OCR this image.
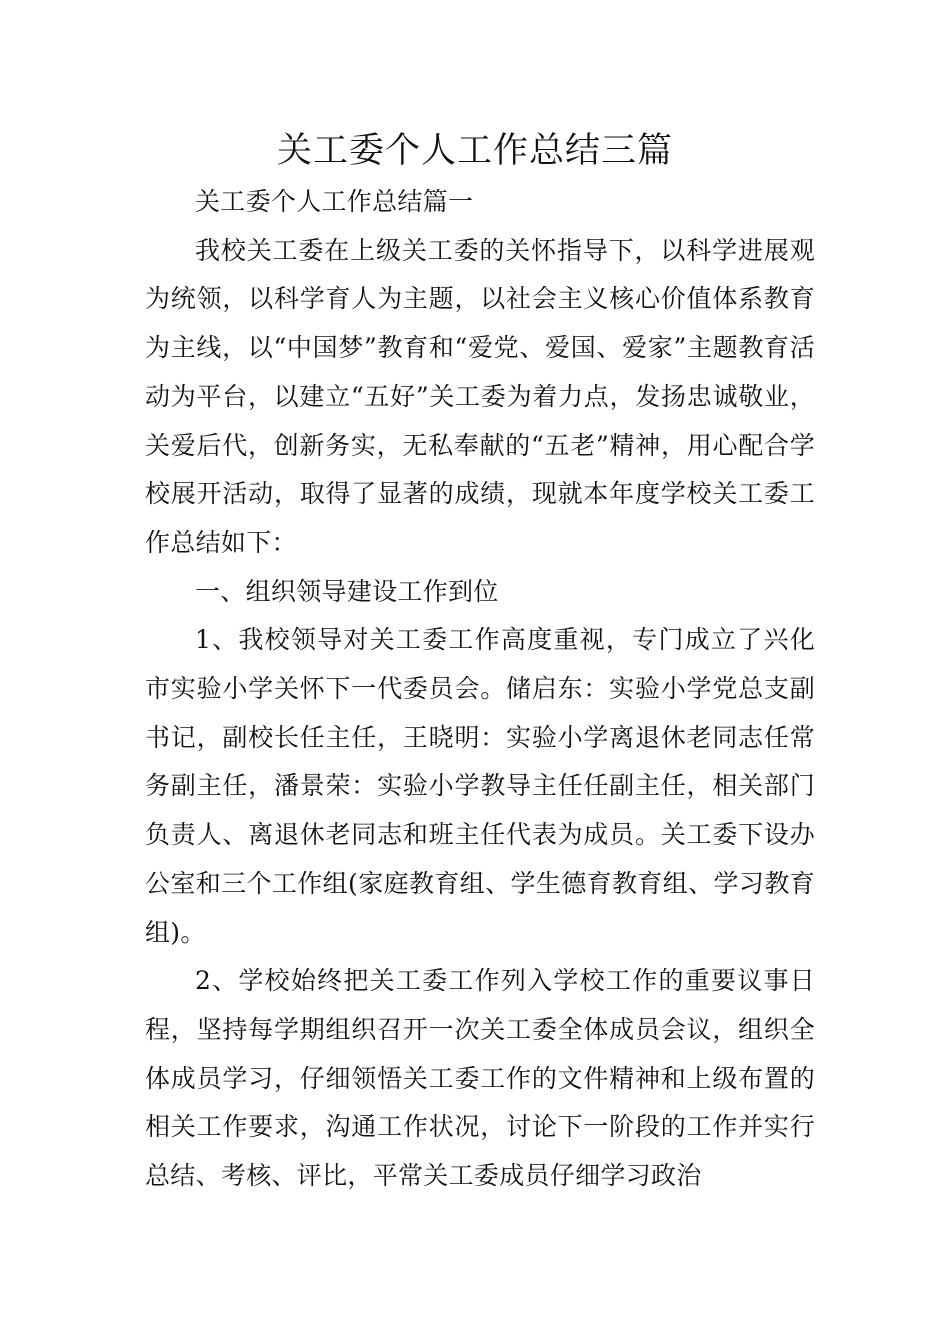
关工委个人工作总结三篇

关工委个人工作总结篇一

我校关工委在上级关工委的关怀指导下，以科学进展观为统领，以科学育人为主题，以社会主义核心价值体系教育为主线，以“中国梦”教育和“爱党、爱国、爱家”主题教育活动为平台，以建立“五好”关工委为着力点，发扬忠诚敬业，关爱后代，创新务实，无私奉献的“五老”精神，用心配合学校展开活动，取得了显著的成绩，现就本年度学校关工委工作总结如下：

一、组织领导建设工作到位

1、我校领导对关工委工作高度重视，专门成立了兴化市实验小学关怀下一代委员会。储启东：实验小学党总支副书记，副校长任主任，王晓明：实验小学离退休老同志任常务副主任，潘景荣：实验小学教导主任任副主任，相关部门负责人、离退休老同志和班主任代表为成员。关工委下设办公室和三个工作组(家庭教育组、学生德育教育组、学习教育组)。

2、学校始终把关工委工作列入学校工作的重要议事日程，坚持每学期组织召开一次关工委全体成员会议，组织全体成员学习，仔细领悟关工委工作的文件精神和上级布置的相关工作要求，沟通工作状况，讨论下一阶段的工作并实行总结、考核、评比，平常关工委成员仔细学习政治
